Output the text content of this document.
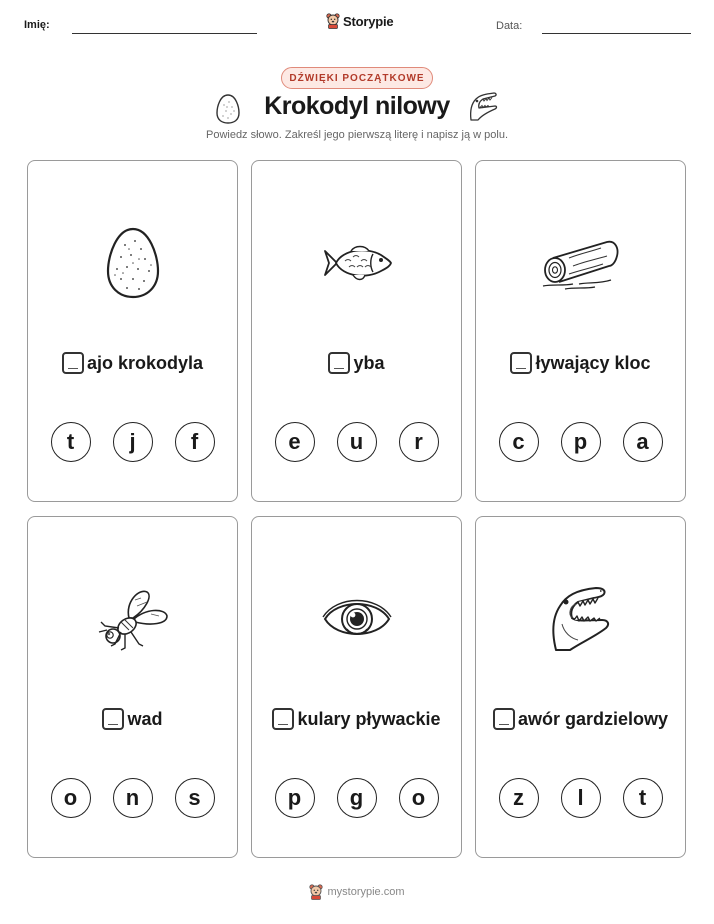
Imię:	Storypie	Data:
DŹWIĘKI POCZĄTKOWE
Krokodyl nilowy
Powiedz słowo. Zakreśl jego pierwszą literę i napisz ją w polu.
ajo krokodyla
t	j	f
yba
e	u	r
ływający kloc
c	p	a
wad
o	n	s
kulary pływackie
p	g	o
awór gardzielowy
z	l	t
mystorypie.com
